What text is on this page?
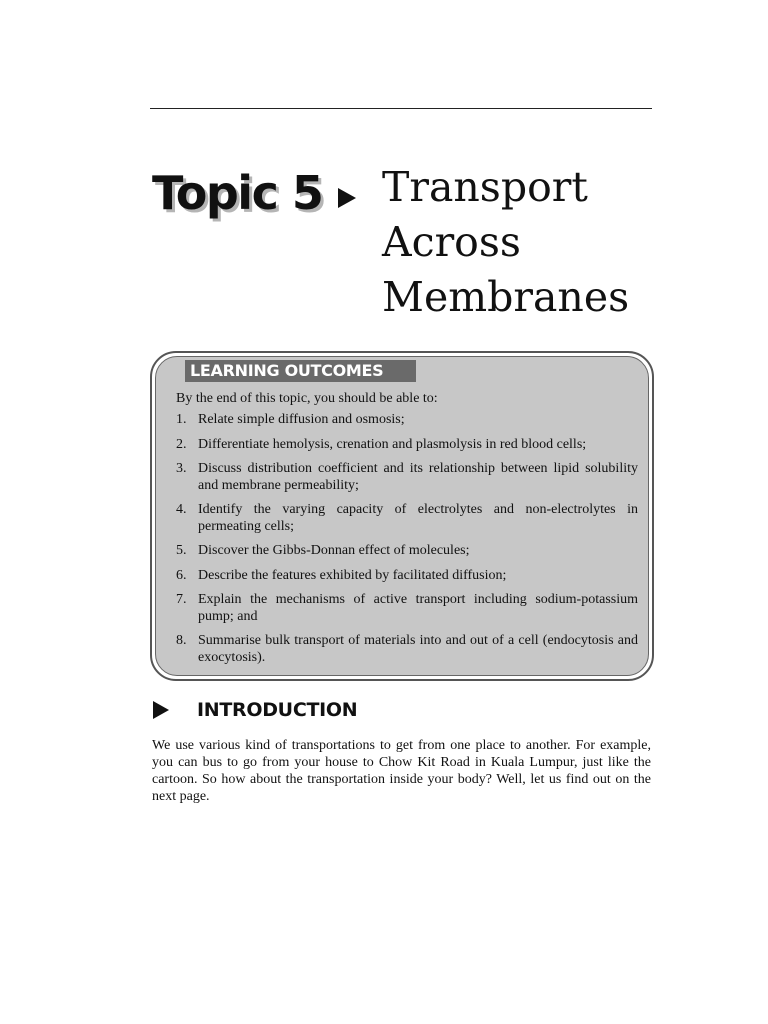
Topic 5 Transport
Across
Membranes
LEARNING OUTCOMES
By the end of this topic, you should be able to:
1. Relate simple diffusion and osmosis;
2. Differentiate hemolysis, crenation and plasmolysis in red blood cells;
3. Discuss distribution coefficient and its relationship between lipid solubility and membrane permeability;
4. Identify the varying capacity of electrolytes and non-electrolytes in permeating cells;
5. Discover the Gibbs-Donnan effect of molecules;
6. Describe the features exhibited by facilitated diffusion;
7. Explain the mechanisms of active transport including sodium-potassium pump; and
8. Summarise bulk transport of materials into and out of a cell (endocytosis and exocytosis).
INTRODUCTION

We use various kind of transportations to get from one place to another. For example, you can bus to go from your house to Chow Kit Road in Kuala Lumpur, just like the cartoon. So how about the transportation inside your body? Well, let us find out on the next page.
